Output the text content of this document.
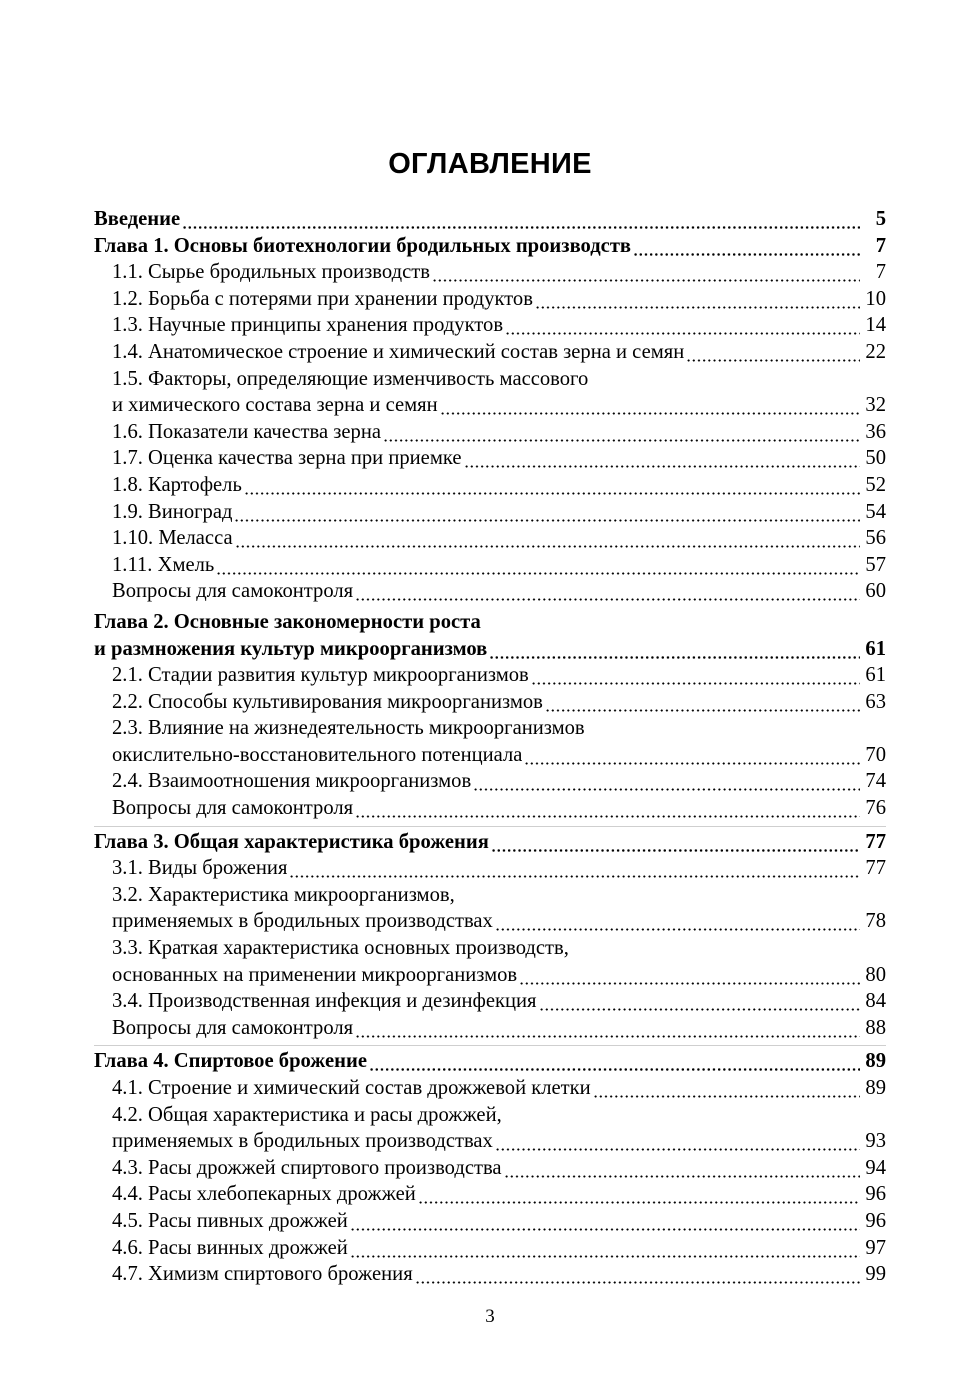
ОГЛАВЛЕНИЕ
Введение	5
Глава 1. Основы биотехнологии бродильных производств	7
1.1. Сырье бродильных производств	7
1.2. Борьба с потерями при хранении продуктов	10
1.3. Научные принципы хранения продуктов	14
1.4. Анатомическое строение и химический состав зерна и семян	22
1.5. Факторы, определяющие изменчивость массового
и химического состава зерна и семян	32
1.6. Показатели качества зерна	36
1.7. Оценка качества зерна при приемке	50
1.8. Картофель	52
1.9. Виноград	54
1.10. Меласса	56
1.11. Хмель	57
Вопросы для самоконтроля	60
Глава 2. Основные закономерности роста
и размножения культур микроорганизмов	61
2.1. Стадии развития культур микроорганизмов	61
2.2. Способы культивирования микроорганизмов	63
2.3. Влияние на жизнедеятельность микроорганизмов
окислительно-восстановительного потенциала	70
2.4. Взаимоотношения микроорганизмов	74
Вопросы для самоконтроля	76
Глава 3. Общая характеристика брожения	77
3.1. Виды брожения	77
3.2. Характеристика микроорганизмов,
применяемых в бродильных производствах	78
3.3. Краткая характеристика основных производств,
основанных на применении микроорганизмов	80
3.4. Производственная инфекция и дезинфекция	84
Вопросы для самоконтроля	88
Глава 4. Спиртовое брожение	89
4.1. Строение и химический состав дрожжевой клетки	89
4.2. Общая характеристика и расы дрожжей,
применяемых в бродильных производствах	93
4.3. Расы дрожжей спиртового производства	94
4.4. Расы хлебопекарных дрожжей	96
4.5. Расы пивных дрожжей	96
4.6. Расы винных дрожжей	97
4.7. Химизм спиртового брожения	99
3
